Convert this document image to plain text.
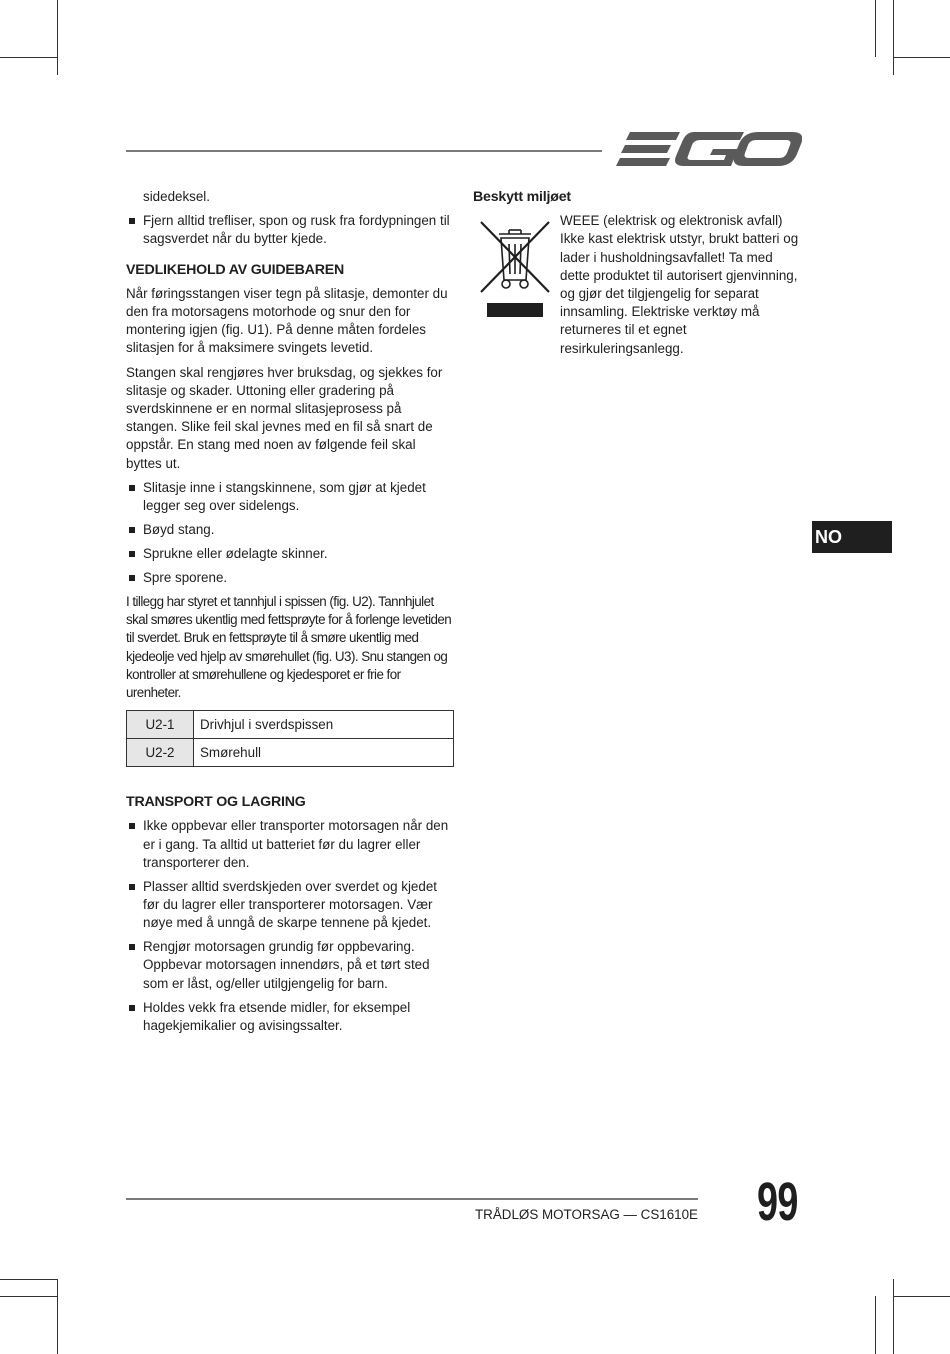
sidedeksel.

Fjern alltid trefliser, spon og rusk fra fordypningen til sagsverdet når du bytter kjede.
VEDLIKEHOLD AV GUIDEBAREN

Når føringsstangen viser tegn på slitasje, demonter du den fra motorsagens motorhode og snur den for montering igjen (fig. U1). På denne måten fordeles slitasjen for å maksimere svingets levetid.

Stangen skal rengjøres hver bruksdag, og sjekkes for slitasje og skader. Uttoning eller gradering på sverdskinnene er en normal slitasjeprosess på stangen. Slike feil skal jevnes med en fil så snart de oppstår. En stang med noen av følgende feil skal byttes ut.

Slitasje inne i stangskinnene, som gjør at kjedet legger seg over sidelengs.
Bøyd stang.
Sprukne eller ødelagte skinner.
Spre sporene.

I tillegg har styret et tannhjul i spissen (fig. U2). Tannhjulet skal smøres ukentlig med fettsprøyte for å forlenge levetiden til sverdet. Bruk en fettsprøyte til å smøre ukentlig med kjedeolje ved hjelp av smørehullet (fig. U3). Snu stangen og kontroller at smørehullene og kjedesporet er frie for urenheter.

U2-1	Drivhjul i sverdspissen
U2-2	Smørehull
TRANSPORT OG LAGRING
Ikke oppbevar eller transporter motorsagen når den er i gang. Ta alltid ut batteriet før du lagrer eller transporterer den.
Plasser alltid sverdskjeden over sverdet og kjedet før du lagrer eller transporterer motorsagen. Vær nøye med å unngå de skarpe tennene på kjedet.
Rengjør motorsagen grundig før oppbevaring. Oppbevar motorsagen innendørs, på et tørt sted som er låst, og/eller utilgjengelig for barn.
Holdes vekk fra etsende midler, for eksempel hagekjemikalier og avisingssalter.
Beskytt miljøet

WEEE (elektrisk og elektronisk avfall) Ikke kast elektrisk utstyr, brukt batteri og lader i husholdningsavfallet! Ta med dette produktet til autorisert gjenvinning, og gjør det tilgjengelig for separat innsamling. Elektriske verktøy må returneres til et egnet resirkuleringsanlegg.

NO
TRÅDLØS MOTORSAG — CS1610E 99
